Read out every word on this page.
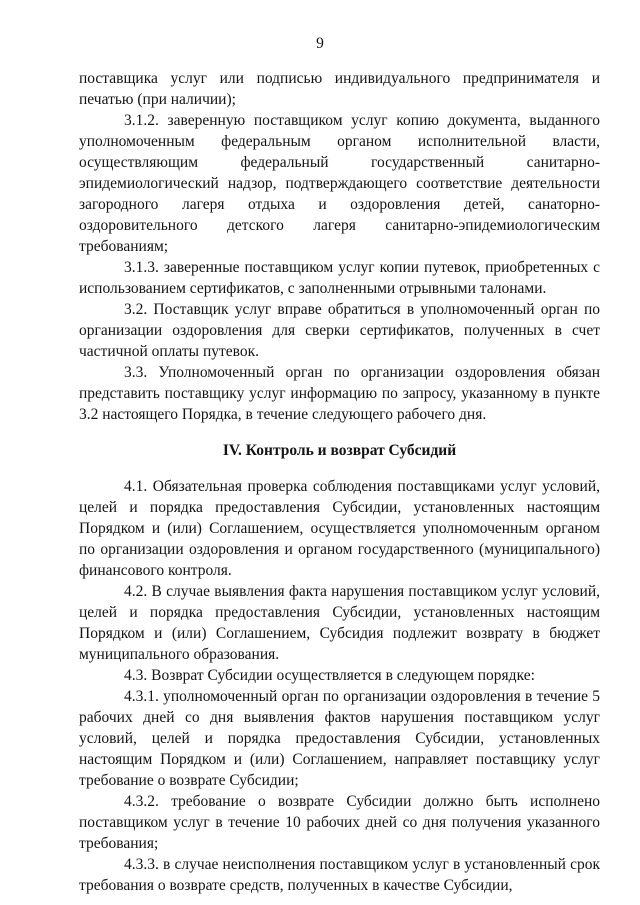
9

поставщика услуг или подписью индивидуального предпринимателя и печатью (при наличии);

3.1.2. заверенную поставщиком услуг копию документа, выданного уполномоченным федеральным органом исполнительной власти, осуществляющим федеральный государственный санитарно-эпидемиологический надзор, подтверждающего соответствие деятельности загородного лагеря отдыха и оздоровления детей, санаторно-оздоровительного детского лагеря санитарно-эпидемиологическим требованиям;

3.1.3. заверенные поставщиком услуг копии путевок, приобретенных с использованием сертификатов, с заполненными отрывными талонами.

3.2. Поставщик услуг вправе обратиться в уполномоченный орган по организации оздоровления для сверки сертификатов, полученных в счет частичной оплаты путевок.

3.3. Уполномоченный орган по организации оздоровления обязан представить поставщику услуг информацию по запросу, указанному в пункте 3.2 настоящего Порядка, в течение следующего рабочего дня.

IV. Контроль и возврат Субсидий

4.1. Обязательная проверка соблюдения поставщиками услуг условий, целей и порядка предоставления Субсидии, установленных настоящим Порядком и (или) Соглашением, осуществляется уполномоченным органом по организации оздоровления и органом государственного (муниципального) финансового контроля.

4.2. В случае выявления факта нарушения поставщиком услуг условий, целей и порядка предоставления Субсидии, установленных настоящим Порядком и (или) Соглашением, Субсидия подлежит возврату в бюджет муниципального образования.

4.3. Возврат Субсидии осуществляется в следующем порядке:

4.3.1. уполномоченный орган по организации оздоровления в течение 5 рабочих дней со дня выявления фактов нарушения поставщиком услуг условий, целей и порядка предоставления Субсидии, установленных настоящим Порядком и (или) Соглашением, направляет поставщику услуг требование о возврате Субсидии;

4.3.2. требование о возврате Субсидии должно быть исполнено поставщиком услуг в течение 10 рабочих дней со дня получения указанного требования;

4.3.3. в случае неисполнения поставщиком услуг в установленный срок требования о возврате средств, полученных в качестве Субсидии,
